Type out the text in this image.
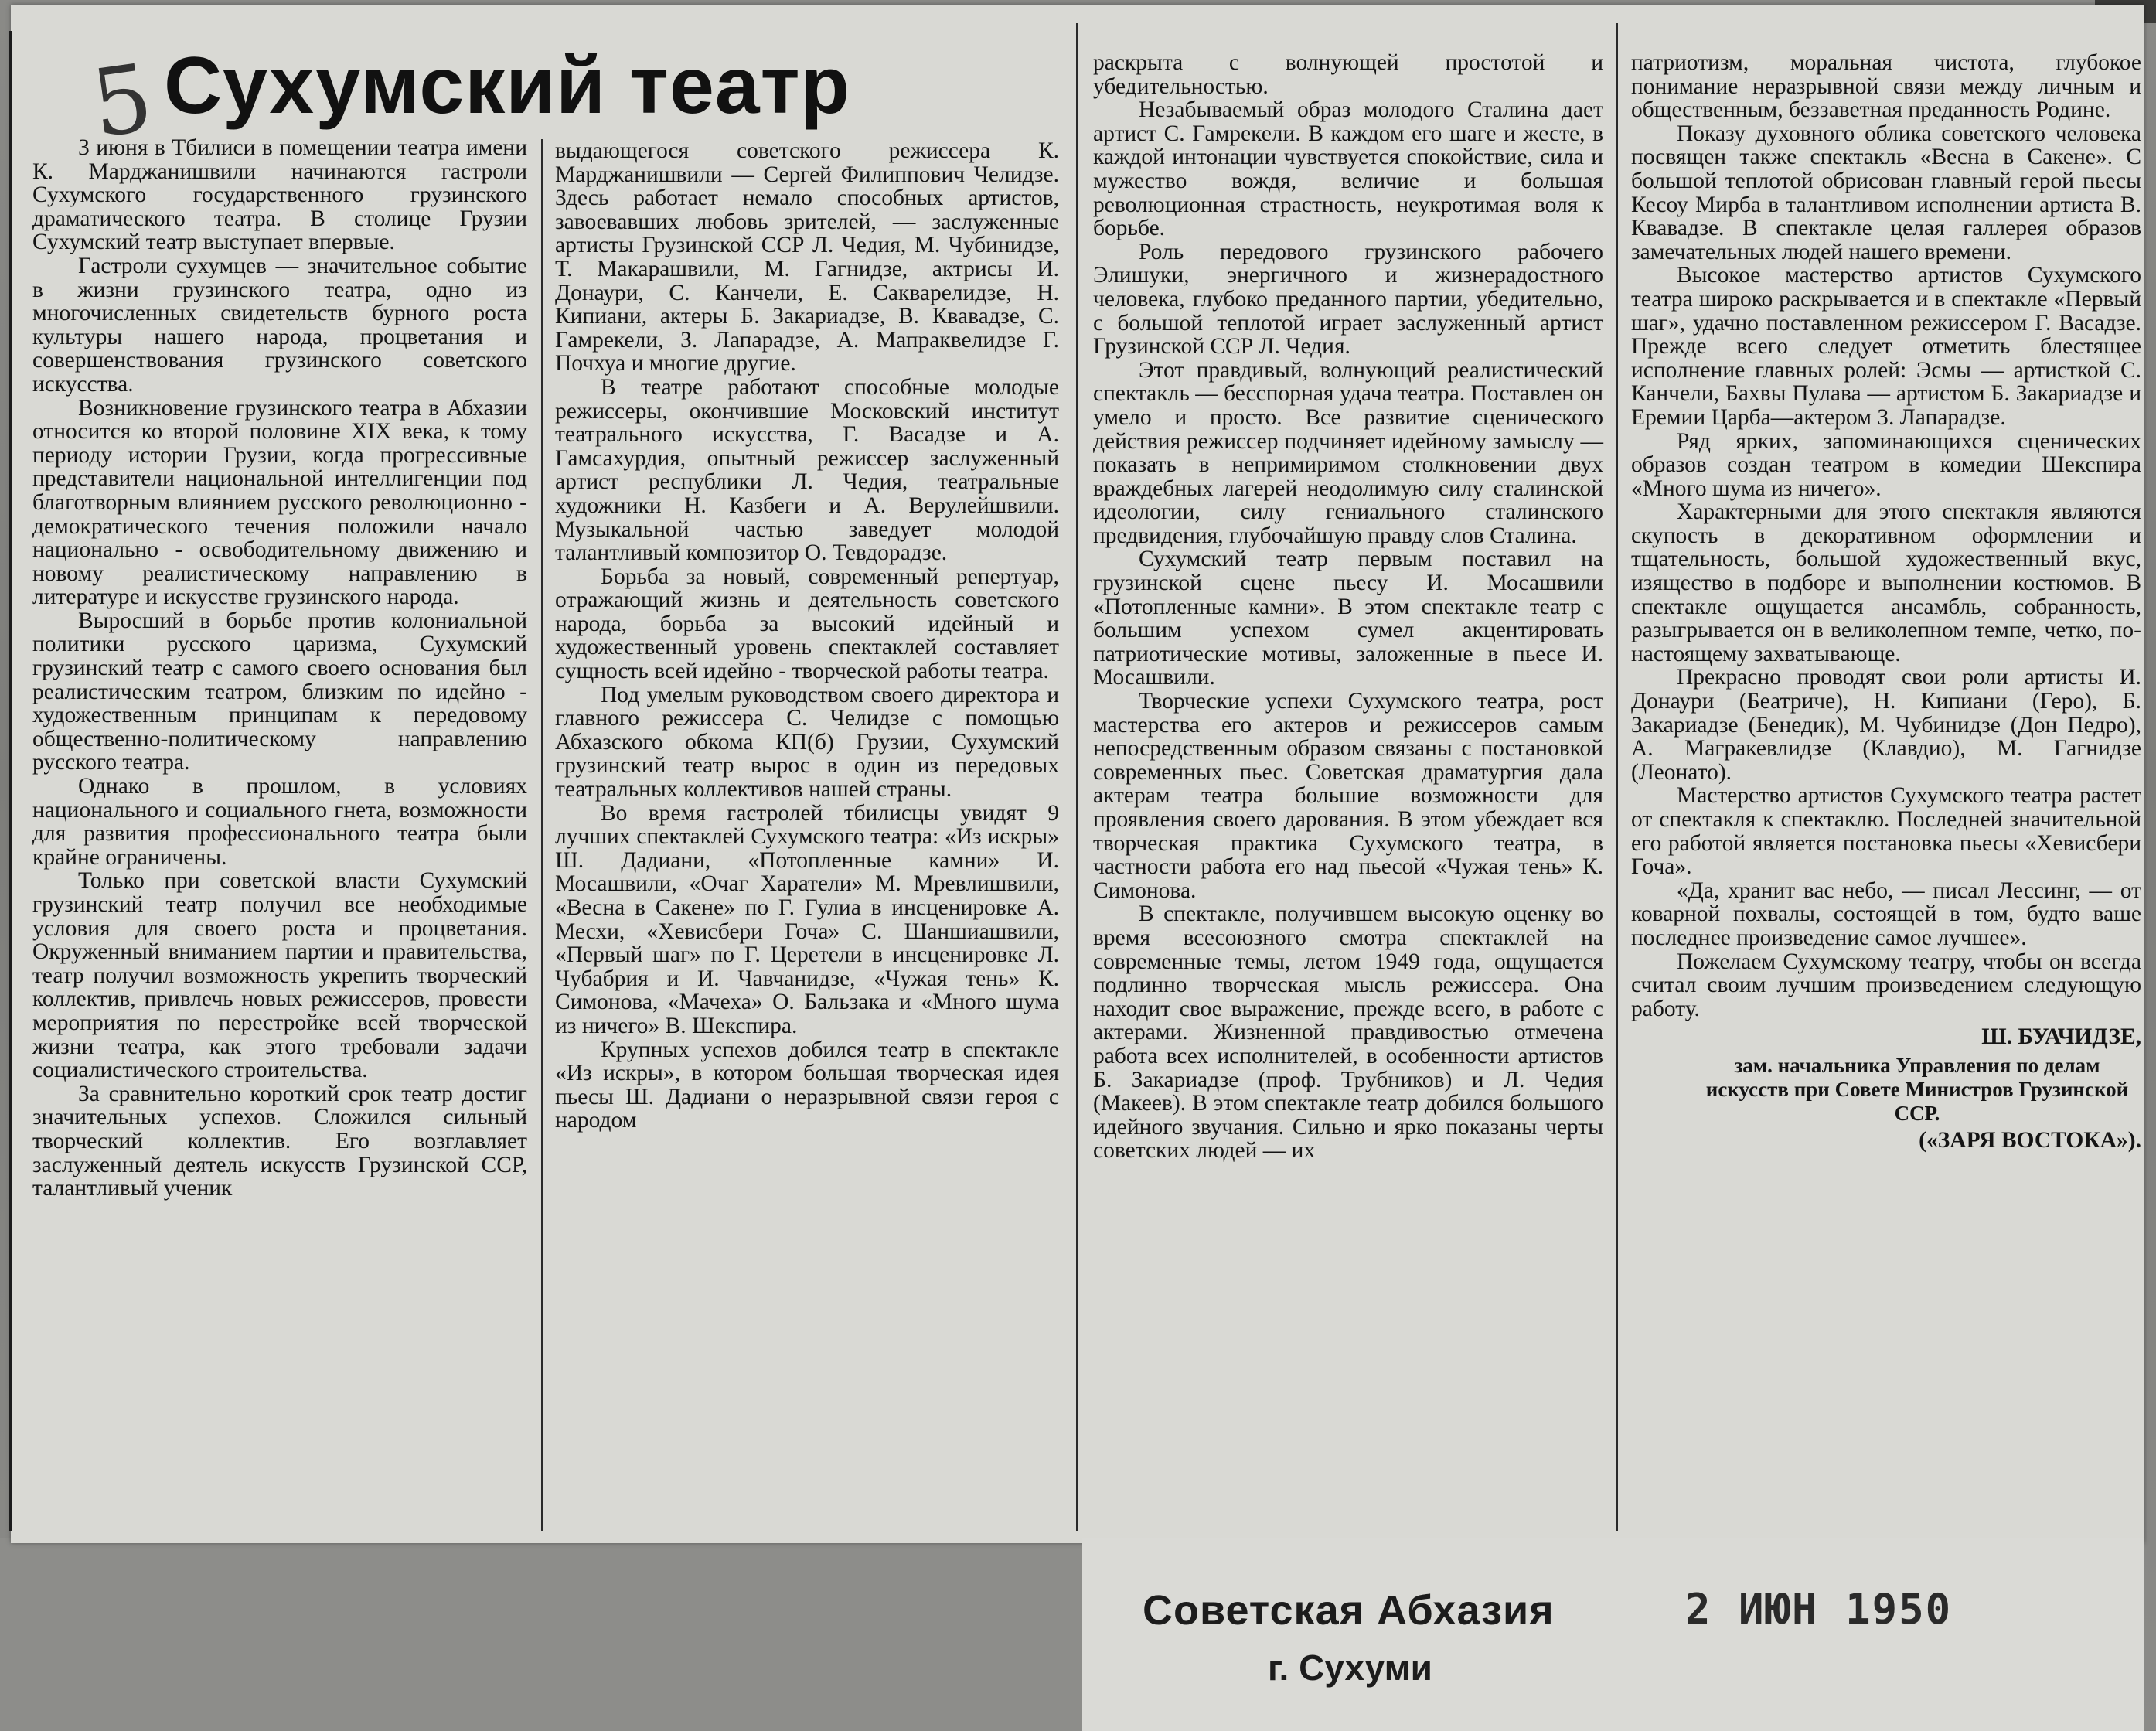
5 Сухумский театр

3 июня в Тбилиси в помещении театра имени К. Марджанишвили начинаются гастроли Сухумского государственного грузинского драматического театра. В столице Грузии Сухумский театр выступает впервые.

Гастроли сухумцев — значительное событие в жизни грузинского театра, одно из многочисленных свидетельств бурного роста культуры нашего народа, процветания и совершенствования грузинского советского искусства.

Возникновение грузинского театра в Абхазии относится ко второй половине XIX века, к тому периоду истории Грузии, когда прогрессивные представители национальной интеллигенции под благотворным влиянием русского революционно - демократического течения положили начало национально - освободительному движению и новому реалистическому направлению в литературе и искусстве грузинского народа.

Выросший в борьбе против колониальной политики русского царизма, Сухумский грузинский театр с самого своего основания был реалистическим театром, близким по идейно - художественным принципам к передовому общественно-политическому направлению русского театра.

Однако в прошлом, в условиях национального и социального гнета, возможности для развития профессионального театра были крайне ограничены.

Только при советской власти Сухумский грузинский театр получил все необходимые условия для своего роста и процветания. Окруженный вниманием партии и правительства, театр получил возможность укрепить творческий коллектив, привлечь новых режиссеров, провести мероприятия по перестройке всей творческой жизни театра, как этого требовали задачи социалистического строительства.

За сравнительно короткий срок театр достиг значительных успехов. Сложился сильный творческий коллектив. Его возглавляет заслуженный деятель искусств Грузинской ССР, талантливый ученик

выдающегося советского режиссера К. Марджанишвили — Сергей Филиппович Челидзе. Здесь работает немало способных артистов, завоевавших любовь зрителей, — заслуженные артисты Грузинской ССР Л. Чедия, М. Чубинидзе, Т. Макарашвили, М. Гагнидзе, актрисы И. Донаури, С. Канчели, Е. Сакварелидзе, Н. Кипиани, актеры Б. Закариадзе, В. Квавадзе, С. Гамрекели, З. Лапарадзе, А. Мапраквелидзе Г. Почхуа и многие другие.

В театре работают способные молодые режиссеры, окончившие Московский институт театрального искусства, Г. Васадзе и А. Гамсахурдия, опытный режиссер заслуженный артист республики Л. Чедия, театральные художники Н. Казбеги и А. Верулейшвили. Музыкальной частью заведует молодой талантливый композитор О. Тевдорадзе.

Борьба за новый, современный репертуар, отражающий жизнь и деятельность советского народа, борьба за высокий идейный и художественный уровень спектаклей составляет сущность всей идейно - творческой работы театра.

Под умелым руководством своего директора и главного режиссера С. Челидзе с помощью Абхазского обкома КП(б) Грузии, Сухумский грузинский театр вырос в один из передовых театральных коллективов нашей страны.

Во время гастролей тбилисцы увидят 9 лучших спектаклей Сухумского театра: «Из искры» Ш. Дадиани, «Потопленные камни» И. Мосашвили, «Очаг Харатели» М. Мревлишвили, «Весна в Сакене» по Г. Гулиа в инсценировке А. Месхи, «Хевисбери Гоча» С. Шаншиашвили, «Первый шаг» по Г. Церетели в инсценировке Л. Чубабрия и И. Чавчанидзе, «Чужая тень» К. Симонова, «Мачеха» О. Бальзака и «Много шума из ничего» В. Шекспира.

Крупных успехов добился театр в спектакле «Из искры», в котором большая творческая идея пьесы Ш. Дадиани о неразрывной связи героя с народом

раскрыта с волнующей простотой и убедительностью.

Незабываемый образ молодого Сталина дает артист С. Гамрекели. В каждом его шаге и жесте, в каждой интонации чувствуется спокойствие, сила и мужество вождя, величие и большая революционная страстность, неукротимая воля к борьбе.

Роль передового грузинского рабочего Элишуки, энергичного и жизнерадостного человека, глубоко преданного партии, убедительно, с большой теплотой играет заслуженный артист Грузинской ССР Л. Чедия.

Этот правдивый, волнующий реалистический спектакль — бесспорная удача театра. Поставлен он умело и просто. Все развитие сценического действия режиссер подчиняет идейному замыслу —показать в непримиримом столкновении двух враждебных лагерей неодолимую силу сталинской идеологии, силу гениального сталинского предвидения, глубочайшую правду слов Сталина.

Сухумский театр первым поставил на грузинской сцене пьесу И. Мосашвили «Потопленные камни». В этом спектакле театр с большим успехом сумел акцентировать патриотические мотивы, заложенные в пьесе И. Мосашвили.

Творческие успехи Сухумского театра, рост мастерства его актеров и режиссеров самым непосредственным образом связаны с постановкой современных пьес. Советская драматургия дала актерам театра большие возможности для проявления своего дарования. В этом убеждает вся творческая практика Сухумского театра, в частности работа его над пьесой «Чужая тень» К. Симонова.

В спектакле, получившем высокую оценку во время всесоюзного смотра спектаклей на современные темы, летом 1949 года, ощущается подлинно творческая мысль режиссера. Она находит свое выражение, прежде всего, в работе с актерами. Жизненной правдивостью отмечена работа всех исполнителей, в особенности артистов Б. Закариадзе (проф. Трубников) и Л. Чедия (Макеев). В этом спектакле театр добился большого идейного звучания. Сильно и ярко показаны черты советских людей — их

патриотизм, моральная чистота, глубокое понимание неразрывной связи между личным и общественным, беззаветная преданность Родине.

Показу духовного облика советского человека посвящен также спектакль «Весна в Сакене». С большой теплотой обрисован главный герой пьесы Кесоу Мирба в талантливом исполнении артиста В. Квавадзе. В спектакле целая галлерея образов замечательных людей нашего времени.

Высокое мастерство артистов Сухумского театра широко раскрывается и в спектакле «Первый шаг», удачно поставленном режиссером Г. Васадзе. Прежде всего следует отметить блестящее исполнение главных ролей: Эсмы — артисткой С. Канчели, Бахвы Пулава — артистом Б. Закариадзе и Еремии Царба—актером З. Лапарадзе.

Ряд ярких, запоминающихся сценических образов создан театром в комедии Шекспира «Много шума из ничего».

Характерными для этого спектакля являются скупость в декоративном оформлении и тщательность, большой художественный вкус, изящество в подборе и выполнении костюмов. В спектакле ощущается ансамбль, собранность, разыгрывается он в великолепном темпе, четко, по-настоящему захватывающе.

Прекрасно проводят свои роли артисты И. Донаури (Беатриче), Н. Кипиани (Геро), Б. Закариадзе (Бенедик), М. Чубинидзе (Дон Педро), А. Магракевлидзе (Клавдио), М. Гагнидзе (Леонато).

Мастерство артистов Сухумского театра растет от спектакля к спектаклю. Последней значительной его работой является постановка пьесы «Хевисбери Гоча».

«Да, хранит вас небо, — писал Лессинг, — от коварной похвалы, состоящей в том, будто ваше последнее произведение самое лучшее».

Пожелаем Сухумскому театру, чтобы он всегда считал своим лучшим произведением следующую работу.

Ш. БУАЧИДЗЕ,
зам. начальника Управления по делам искусств при Совете Министров Грузинской ССР.
(«ЗАРЯ ВОСТОКА»).
Советская Абхазия
г. Сухуми
2 ИЮН 1950
